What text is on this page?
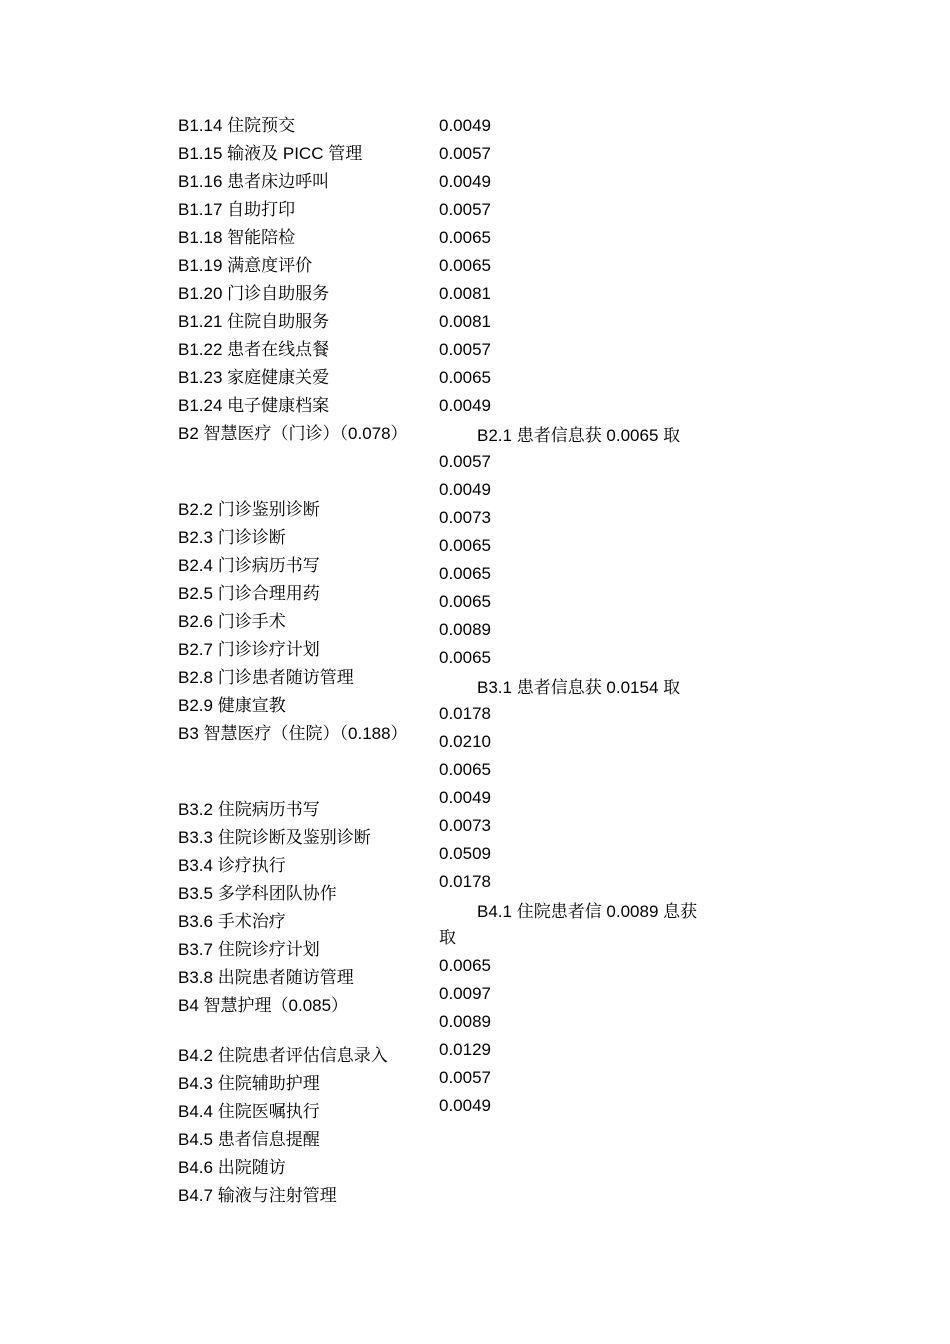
B1.14 住院预交
B1.15 输液及 PICC 管理
B1.16 患者床边呼叫
B1.17 自助打印
B1.18 智能陪检
B1.19 满意度评价
B1.20 门诊自助服务
B1.21 住院自助服务
B1.22 患者在线点餐
B1.23 家庭健康关爱
B1.24 电子健康档案
B2 智慧医疗（门诊）（0.078）
B2.2 门诊鉴别诊断
B2.3 门诊诊断
B2.4 门诊病历书写
B2.5 门诊合理用药
B2.6 门诊手术
B2.7 门诊诊疗计划
B2.8 门诊患者随访管理
B2.9 健康宣教
B3 智慧医疗（住院）（0.188）
B3.2 住院病历书写
B3.3 住院诊断及鉴别诊断
B3.4 诊疗执行
B3.5 多学科团队协作
B3.6 手术治疗
B3.7 住院诊疗计划
B3.8 出院患者随访管理
B4 智慧护理（0.085）
B4.2 住院患者评估信息录入
B4.3 住院辅助护理
B4.4 住院医嘱执行
B4.5 患者信息提醒
B4.6 出院随访
B4.7 输液与注射管理
0.0049
0.0057
0.0049
0.0057
0.0065
0.0065
0.0081
0.0081
0.0057
0.0065
0.0049
B2.1 患者信息获 0.0065 取
0.0057
0.0049
0.0073
0.0065
0.0065
0.0065
0.0089
0.0065
B3.1 患者信息获 0.0154 取
0.0178
0.0210
0.0065
0.0049
0.0073
0.0509
0.0178
B4.1 住院患者信 0.0089 息获取
0.0065
0.0097
0.0089
0.0129
0.0057
0.0049
